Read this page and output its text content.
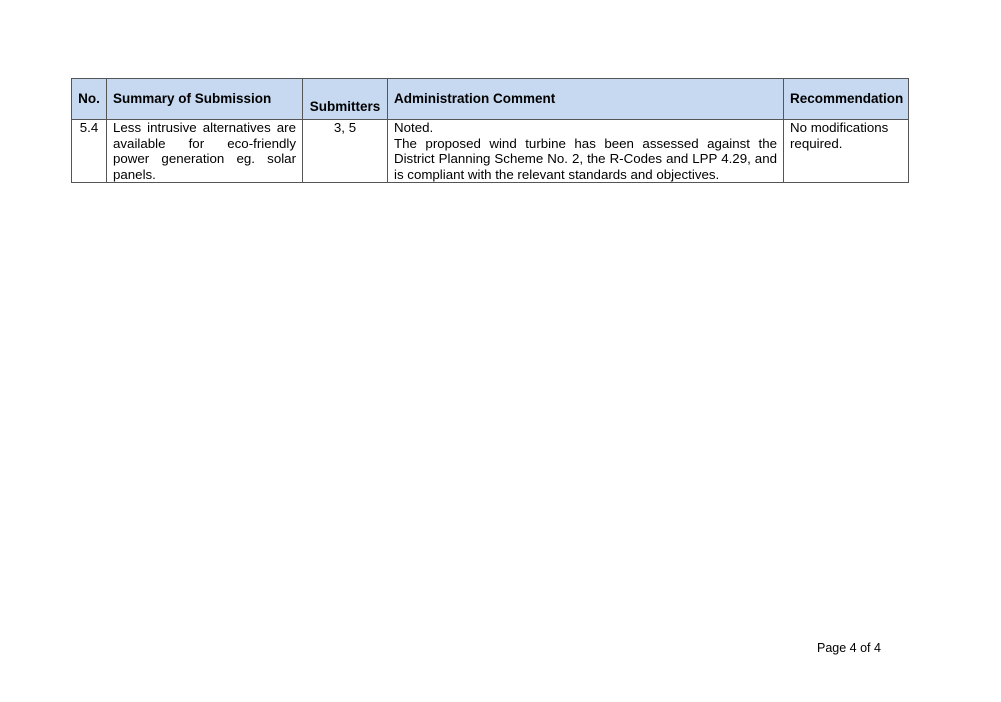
No.	Summary of Submission	Submitters	Administration Comment	Recommendation
5.4	Less intrusive alternatives are available for eco-friendly power generation eg. solar panels.	3, 5	Noted.
The proposed wind turbine has been assessed against the District Planning Scheme No. 2, the R-Codes and LPP 4.29, and is compliant with the relevant standards and objectives.	No modifications required.
Page 4 of 4
